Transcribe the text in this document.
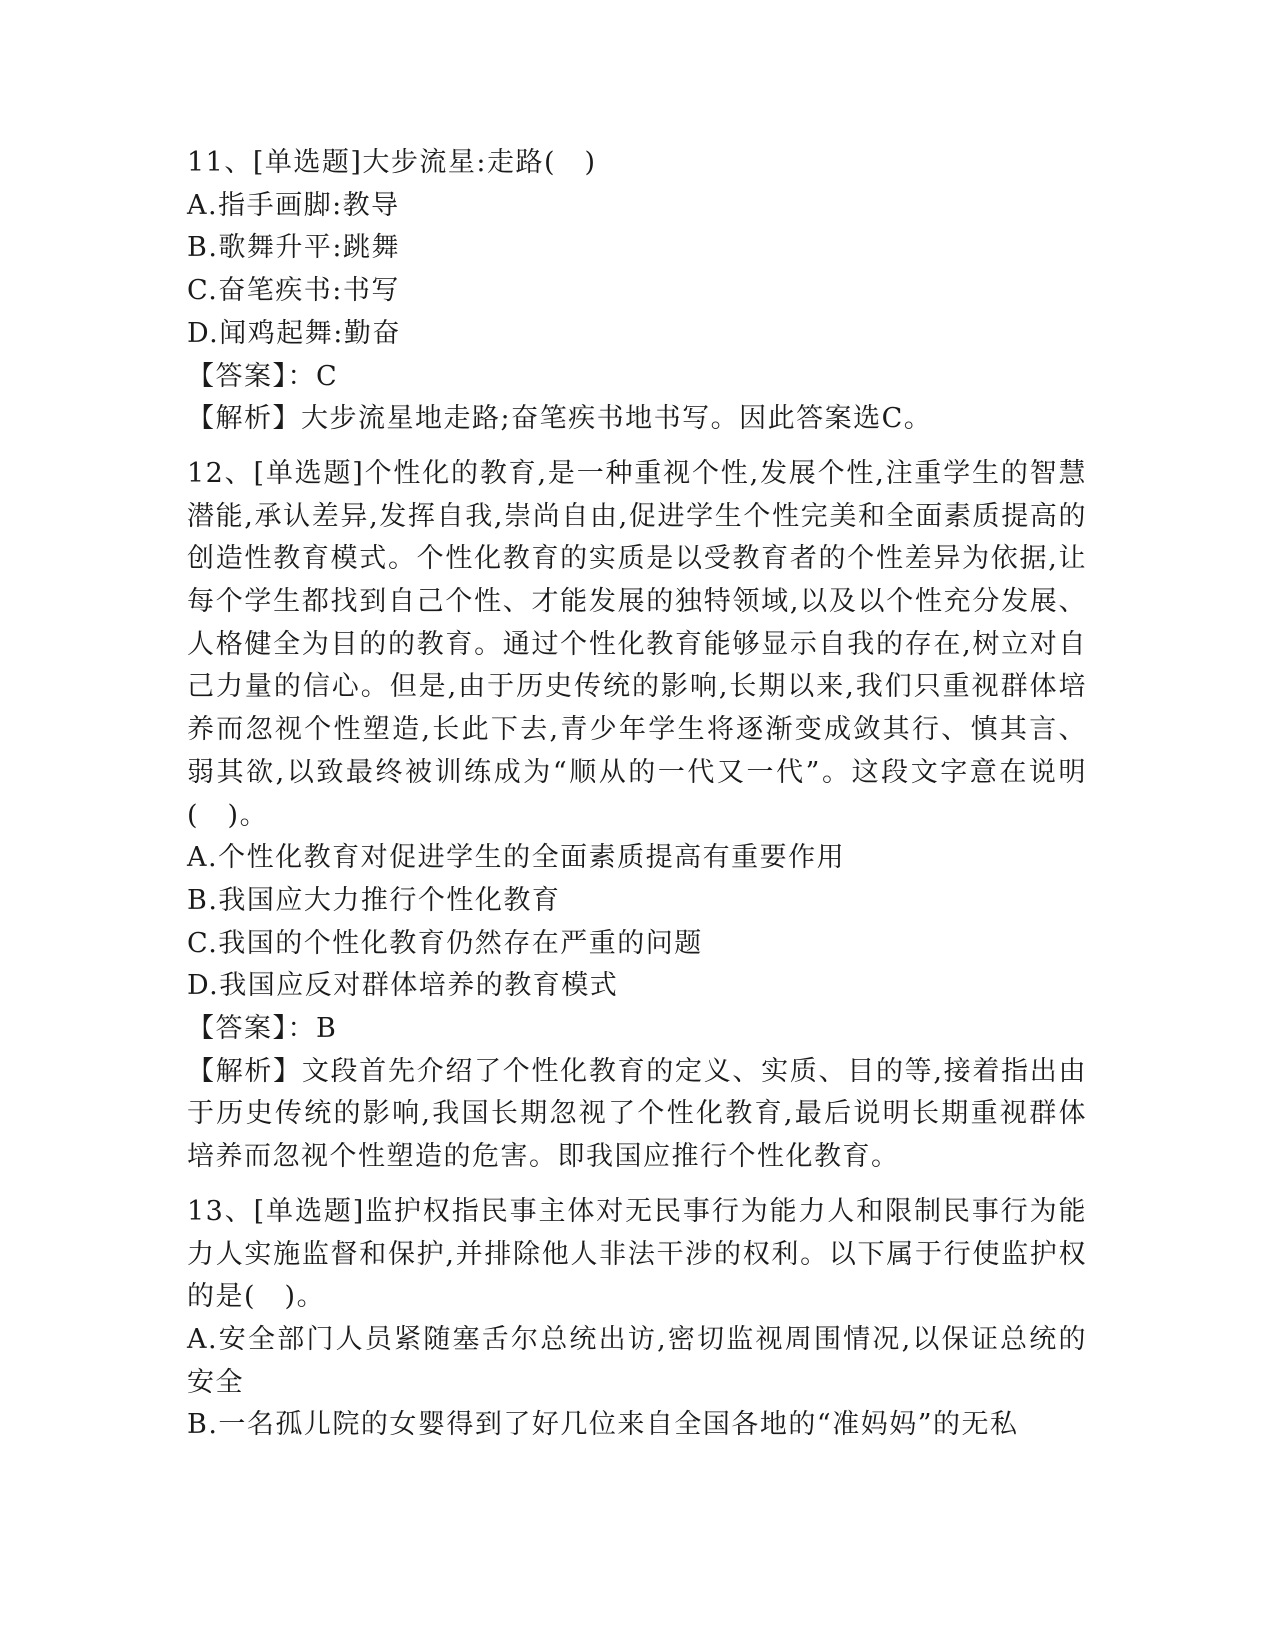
11、[单选题]大步流星:走路(　)

A.指手画脚:教导

B.歌舞升平:跳舞

C.奋笔疾书:书写

D.闻鸡起舞:勤奋

【答案】：C

【解析】大步流星地走路;奋笔疾书地书写。因此答案选C。

12、[单选题]个性化的教育,是一种重视个性,发展个性,注重学生的智慧潜能,承认差异,发挥自我,崇尚自由,促进学生个性完美和全面素质提高的创造性教育模式。个性化教育的实质是以受教育者的个性差异为依据,让每个学生都找到自己个性、才能发展的独特领域,以及以个性充分发展、人格健全为目的的教育。通过个性化教育能够显示自我的存在,树立对自己力量的信心。但是,由于历史传统的影响,长期以来,我们只重视群体培养而忽视个性塑造,长此下去,青少年学生将逐渐变成敛其行、慎其言、弱其欲,以致最终被训练成为“顺从的一代又一代”。这段文字意在说明(　)。

A.个性化教育对促进学生的全面素质提高有重要作用

B.我国应大力推行个性化教育

C.我国的个性化教育仍然存在严重的问题

D.我国应反对群体培养的教育模式

【答案】：B

【解析】文段首先介绍了个性化教育的定义、实质、目的等,接着指出由于历史传统的影响,我国长期忽视了个性化教育,最后说明长期重视群体培养而忽视个性塑造的危害。即我国应推行个性化教育。

13、[单选题]监护权指民事主体对无民事行为能力人和限制民事行为能力人实施监督和保护,并排除他人非法干涉的权利。以下属于行使监护权的是(　)。

A.安全部门人员紧随塞舌尔总统出访,密切监视周围情况,以保证总统的安全

B.一名孤儿院的女婴得到了好几位来自全国各地的“准妈妈”的无私
